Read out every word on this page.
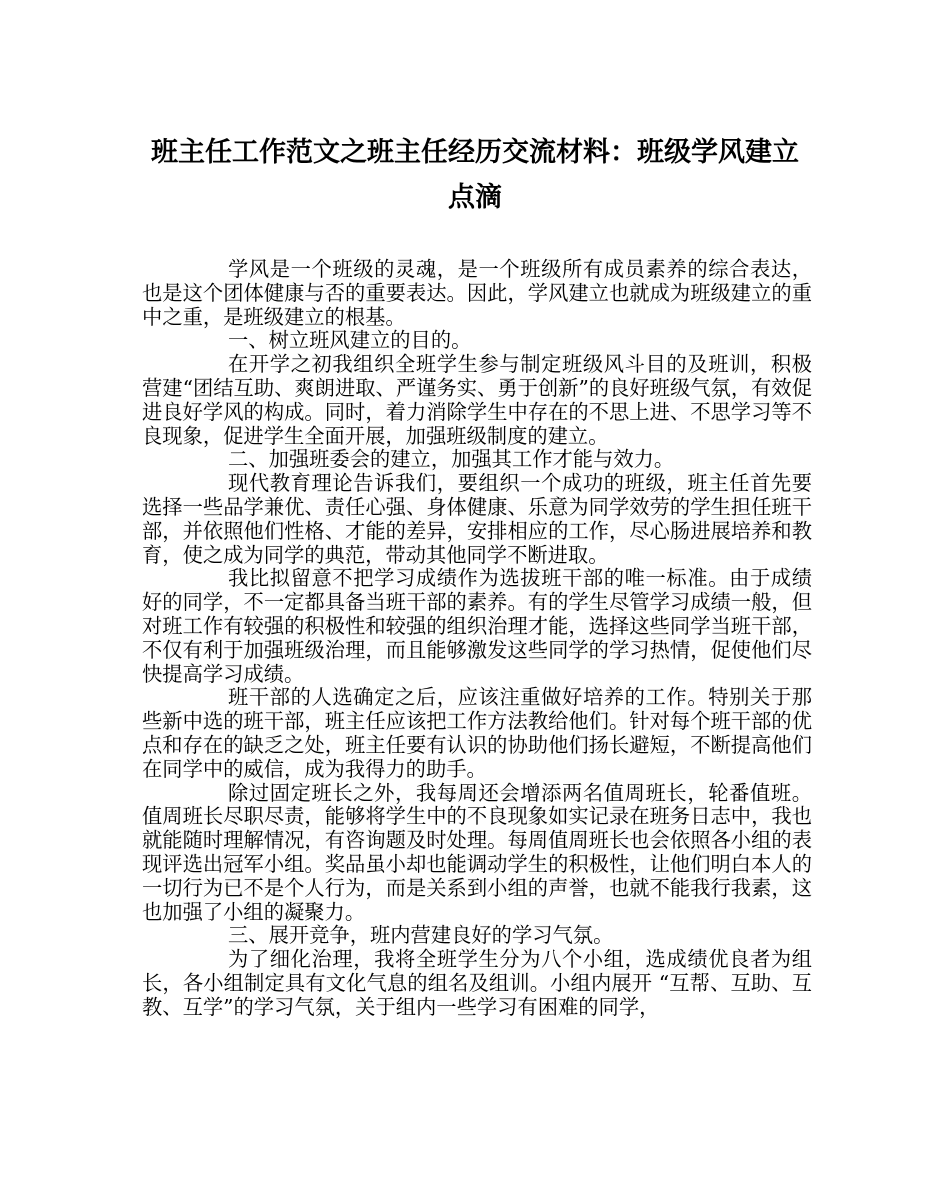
班主任工作范文之班主任经历交流材料：班级学风建立点滴

学风是一个班级的灵魂，是一个班级所有成员素养的综合表达，也是这个团体健康与否的重要表达。因此，学风建立也就成为班级建立的重中之重，是班级建立的根基。

一、树立班风建立的目的。

在开学之初我组织全班学生参与制定班级风斗目的及班训，积极营建“团结互助、爽朗进取、严谨务实、勇于创新”的良好班级气氛，有效促进良好学风的构成。同时，着力消除学生中存在的不思上进、不思学习等不良现象，促进学生全面开展，加强班级制度的建立。

二、加强班委会的建立，加强其工作才能与效力。

现代教育理论告诉我们，要组织一个成功的班级，班主任首先要选择一些品学兼优、责任心强、身体健康、乐意为同学效劳的学生担任班干部，并依照他们性格、才能的差异，安排相应的工作，尽心肠进展培养和教育，使之成为同学的典范，带动其他同学不断进取。

我比拟留意不把学习成绩作为选拔班干部的唯一标准。由于成绩好的同学，不一定都具备当班干部的素养。有的学生尽管学习成绩一般，但对班工作有较强的积极性和较强的组织治理才能，选择这些同学当班干部，不仅有利于加强班级治理，而且能够激发这些同学的学习热情，促使他们尽快提高学习成绩。

班干部的人选确定之后，应该注重做好培养的工作。特别关于那些新中选的班干部，班主任应该把工作方法教给他们。针对每个班干部的优点和存在的缺乏之处，班主任要有认识的协助他们扬长避短，不断提高他们在同学中的威信，成为我得力的助手。

除过固定班长之外，我每周还会增添两名值周班长，轮番值班。值周班长尽职尽责，能够将学生中的不良现象如实记录在班务日志中，我也就能随时理解情况，有咨询题及时处理。每周值周班长也会依照各小组的表现评选出冠军小组。奖品虽小却也能调动学生的积极性，让他们明白本人的一切行为已不是个人行为，而是关系到小组的声誉，也就不能我行我素，这也加强了小组的凝聚力。

三、展开竞争，班内营建良好的学习气氛。

为了细化治理，我将全班学生分为八个小组，选成绩优良者为组长，各小组制定具有文化气息的组名及组训。小组内展开 “互帮、互助、互教、互学”的学习气氛，关于组内一些学习有困难的同学，
